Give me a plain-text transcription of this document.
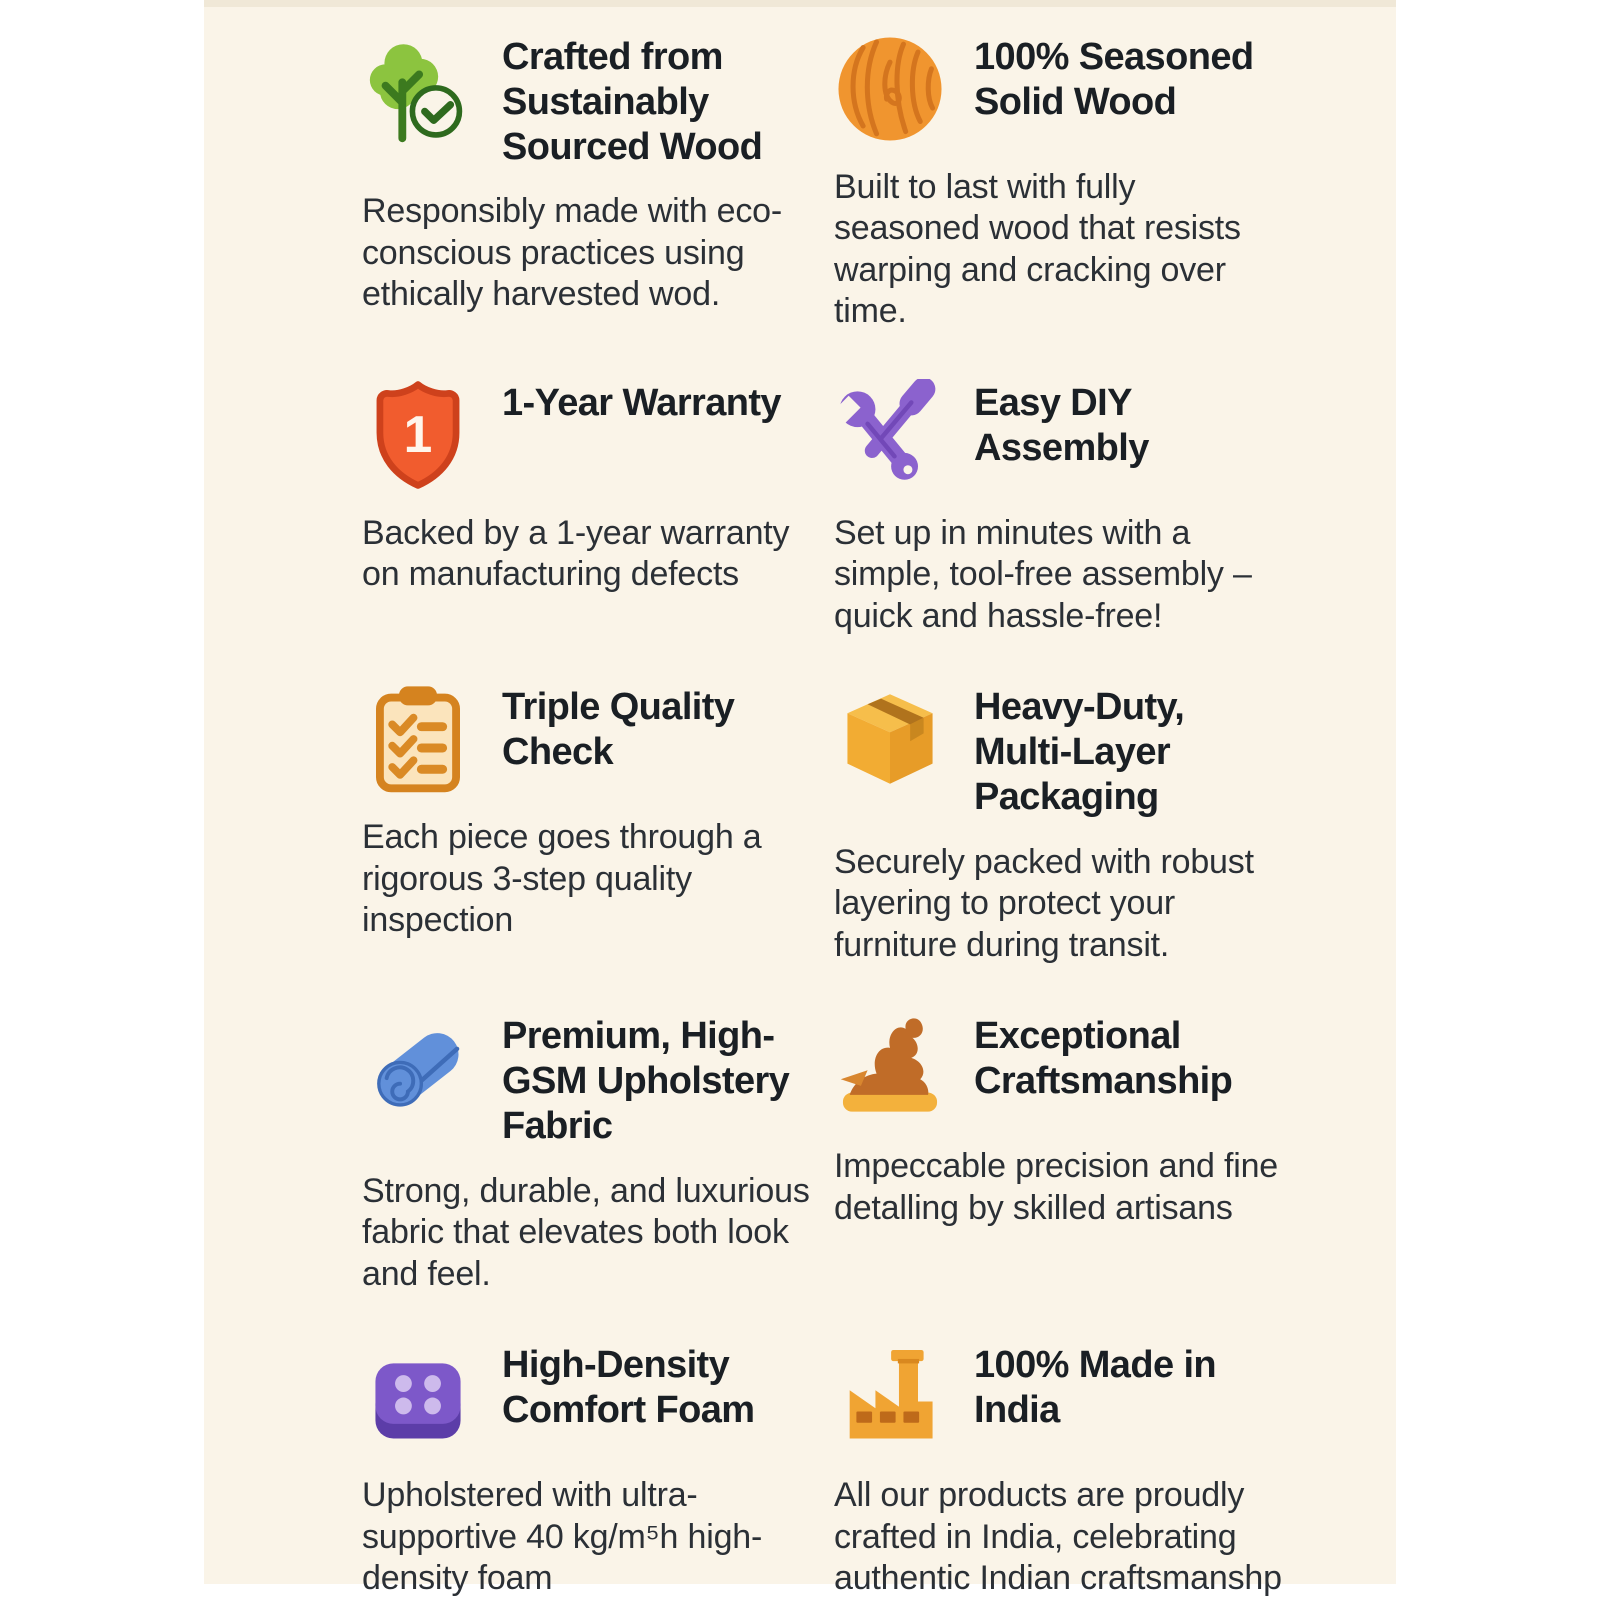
Crafted from Sustainably Sourced Wood
Responsibly made with eco-conscious practices using ethically harvested wod.
100% Seasoned Solid Wood
Built to last with fully seasoned wood that resists warping and cracking over time.
1
1-Year Warranty
Backed by a 1-year warranty on manufacturing defects
Easy DIY Assembly
Set up in minutes with a simple, tool-free assembly – quick and hassle-free!
Triple Quality Check
Each piece goes through a rigorous 3-step quality inspection
Heavy-Duty, Multi-Layer Packaging
Securely packed with robust layering to protect your furniture during transit.
Premium, High-GSM Upholstery Fabric
Strong, durable, and luxurious fabric that elevates both look and feel.
Exceptional Craftsmanship
Impeccable precision and fine detalling by skilled artisans
High-Density Comfort Foam
Upholstered with ultra-supportive 40 kg/m⁵h high-density foam
100% Made in India
All our products are proudly crafted in India, celebrating authentic Indian craftsmanshp
